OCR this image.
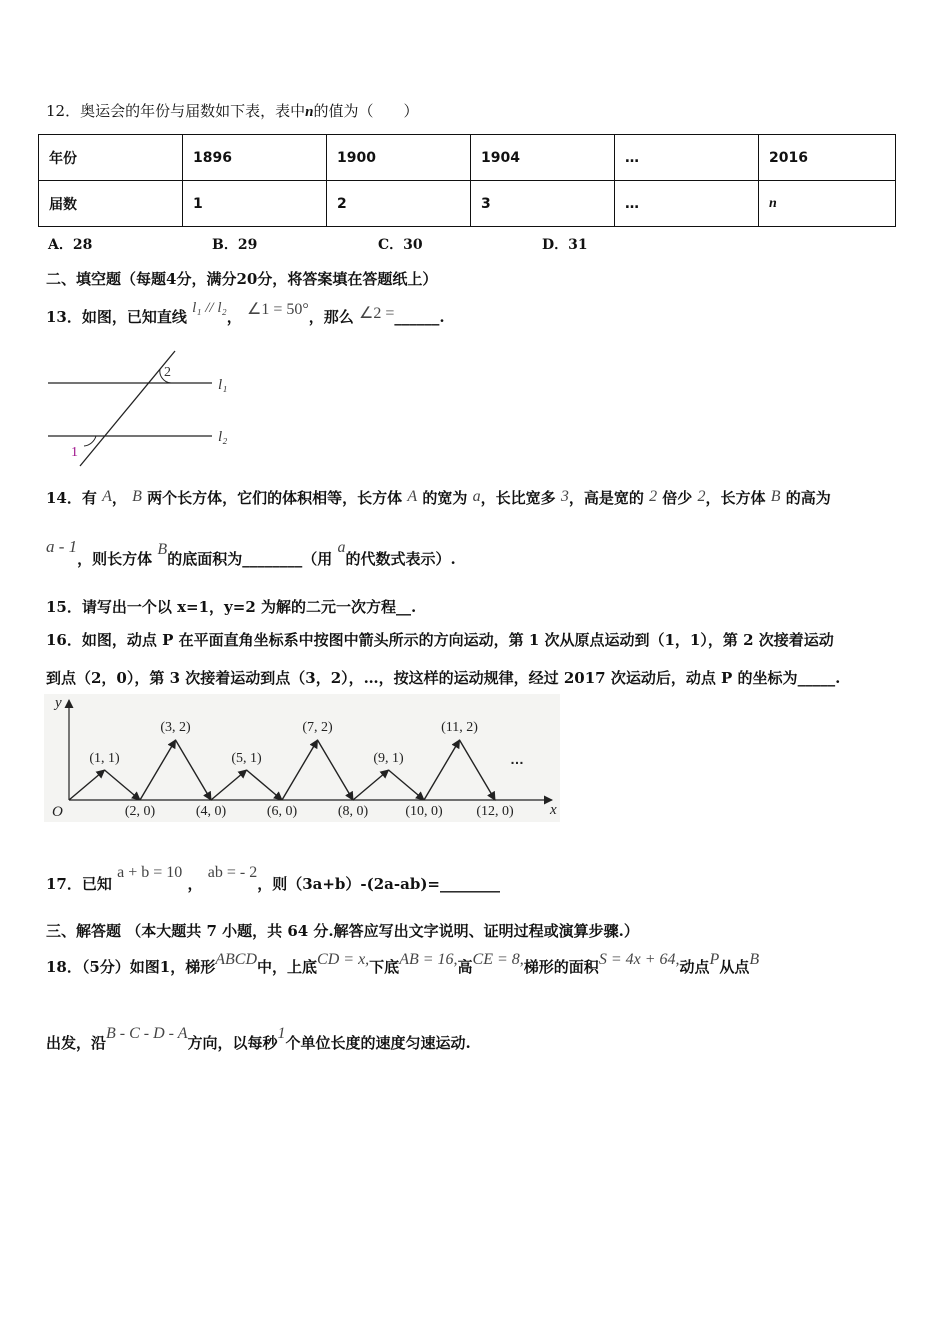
12．奥运会的年份与届数如下表，表中n的值为（　　）
年份	1896	1900	1904	…	2016
届数	1	2	3	…	n
A．28	B．29	C．30	D．31
二、填空题（每题4分，满分20分，将答案填在答题纸上）
13．如图，已知直线 l₁ // l₂， ∠1 = 50°，那么 ∠2 =______.
2
l₁
1
l₂
14．有 A， B 两个长方体，它们的体积相等，长方体 A 的宽为 a，长比宽多 3，高是宽的 2 倍少 2，长方体 B 的高为
a - 1，则长方体 B的底面积为________（用 a的代数式表示）.
15．请写出一个以 x=1，y=2 为解的二元一次方程__.
16．如图，动点 P 在平面直角坐标系中按图中箭头所示的方向运动，第 1 次从原点运动到（1，1），第 2 次接着运动
到点（2，0），第 3 次接着运动到点（3，2），…，按这样的运动规律，经过 2017 次运动后，动点 P 的坐标为_____.
x
y
O
(1, 1)
(2, 0)
(3, 2)
(4, 0)
(5, 1)
(6, 0)
(7, 2)
(8, 0)
(9, 1)
(10, 0)
(11, 2)
(12, 0)
…
17．已知 a + b = 10 ， ab = - 2，则（3a+b）-(2a-ab)=________
三、解答题 （本大题共 7 小题，共 64 分.解答应写出文字说明、证明过程或演算步骤.）
18．（5分）如图1，梯形ABCD中，上底CD = x,下底AB = 16,高CE = 8,梯形的面积S = 4x + 64,动点P从点B
出发，沿B - C - D - A方向，以每秒1个单位长度的速度匀速运动.
